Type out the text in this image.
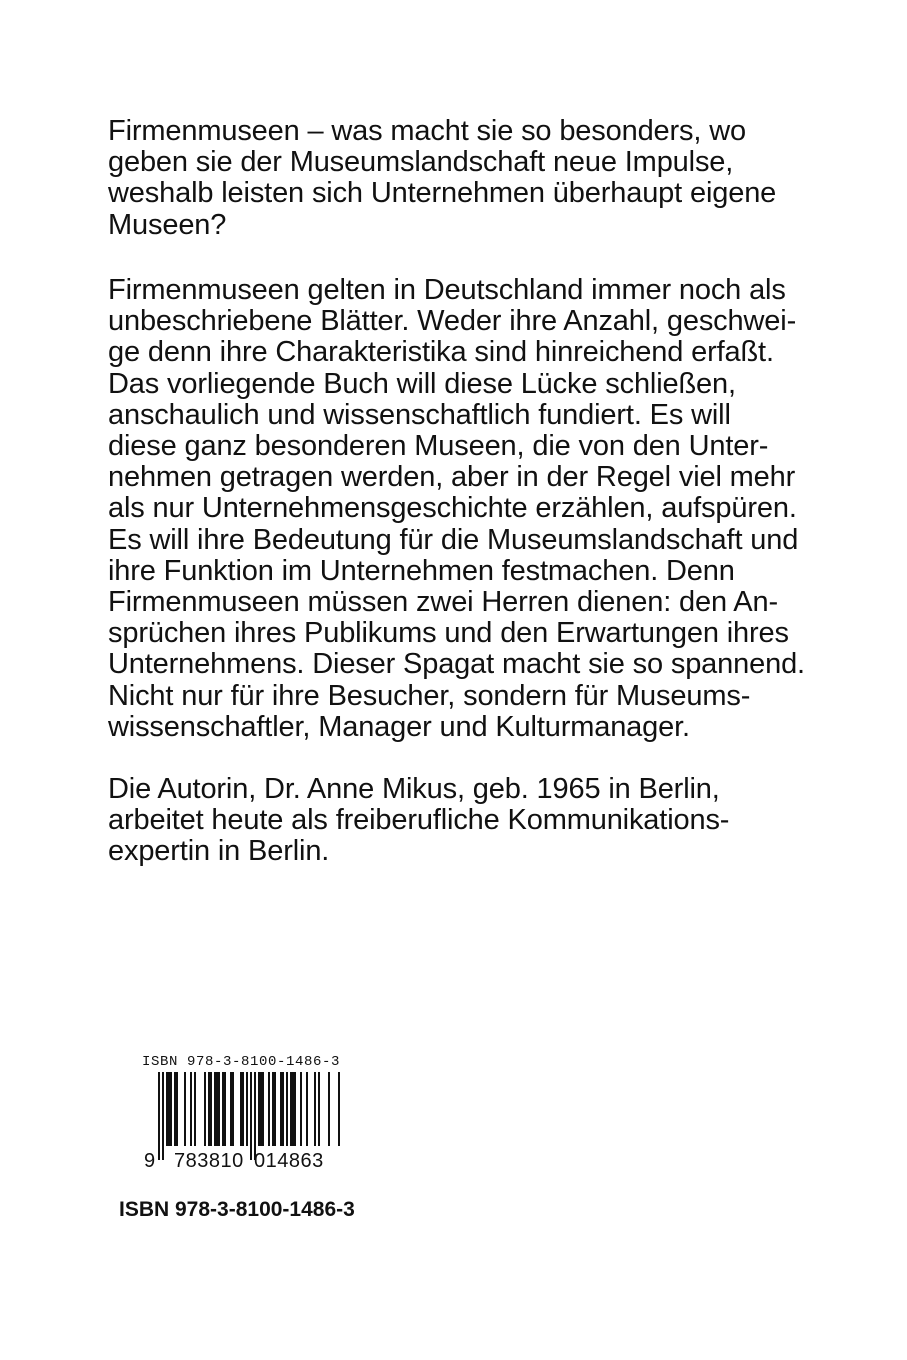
Firmenmuseen – was macht sie so besonders, wo
geben sie der Museumslandschaft neue Impulse,
weshalb leisten sich Unternehmen überhaupt eigene
Museen?
Firmenmuseen gelten in Deutschland immer noch als
unbeschriebene Blätter. Weder ihre Anzahl, geschwei-
ge denn ihre Charakteristika sind hinreichend erfaßt.
Das vorliegende Buch will diese Lücke schließen,
anschaulich und wissenschaftlich fundiert. Es will
diese ganz besonderen Museen, die von den Unter-
nehmen getragen werden, aber in der Regel viel mehr
als nur Unternehmensgeschichte erzählen, aufspüren.
Es will ihre Bedeutung für die Museumslandschaft und
ihre Funktion im Unternehmen festmachen. Denn
Firmenmuseen müssen zwei Herren dienen: den An-
sprüchen ihres Publikums und den Erwartungen ihres
Unternehmens. Dieser Spagat macht sie so spannend.
Nicht nur für ihre Besucher, sondern für Museums-
wissenschaftler, Manager und Kulturmanager.
Die Autorin, Dr. Anne Mikus, geb. 1965 in Berlin,
arbeitet heute als freiberufliche Kommunikations-
expertin in Berlin.
ISBN 978-3-8100-1486-3
9 783810 014863
ISBN 978-3-8100-1486-3
